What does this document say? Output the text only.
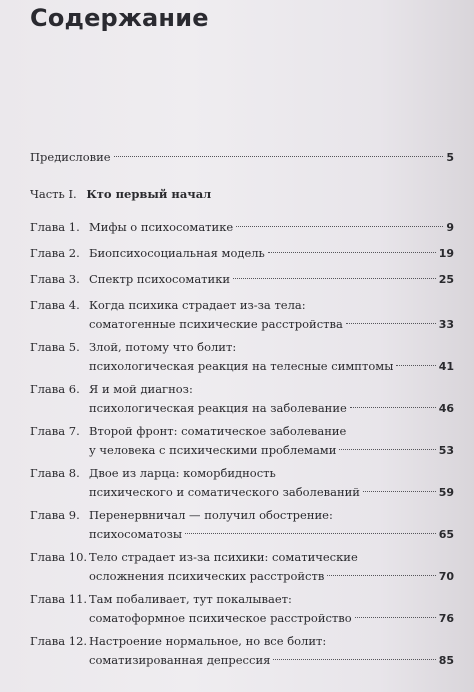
Содержание
Предисловие	5
Часть I. Кто первый начал
Глава 1. Мифы о психосоматике	9
Глава 2. Биопсихосоциальная модель	19
Глава 3. Спектр психосоматики	25
Глава 4. Когда психика страдает из-за тела:
соматогенные психические расстройства	33
Глава 5. Злой, потому что болит:
психологическая реакция на телесные симптомы	41
Глава 6. Я и мой диагноз:
психологическая реакция на заболевание	46
Глава 7. Второй фронт: соматическое заболевание
у человека с психическими проблемами	53
Глава 8. Двое из ларца: коморбидность
психического и соматического заболеваний	59
Глава 9. Перенервничал — получил обострение:
психосоматозы	65
Глава 10. Тело страдает из-за психики: соматические
осложнения психических расстройств	70
Глава 11. Там побаливает, тут покалывает:
соматоформное психическое расстройство	76
Глава 12. Настроение нормальное, но все болит:
соматизированная депрессия	85
